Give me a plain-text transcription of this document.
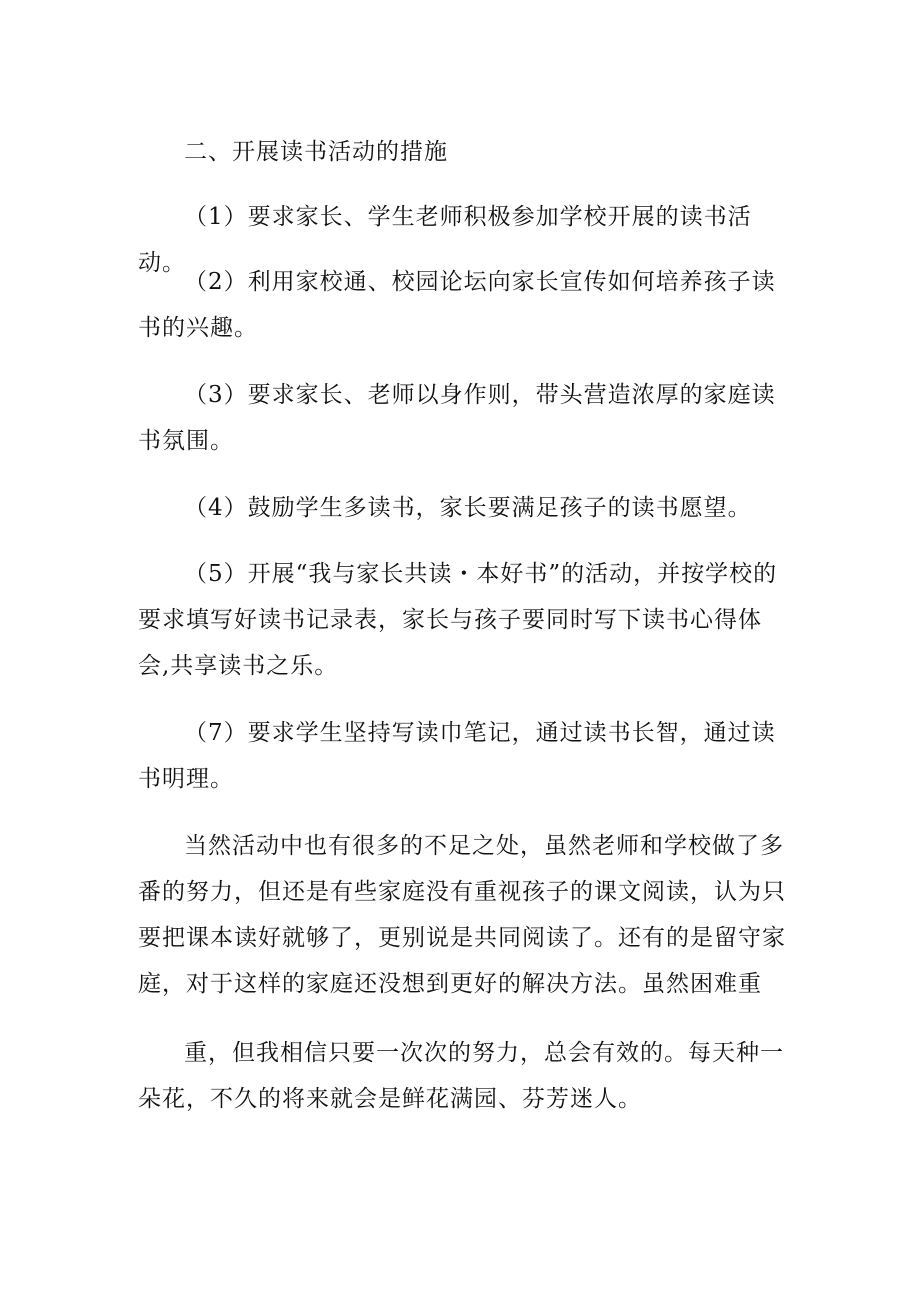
二、开展读书活动的措施

（1）要求家长、学生老师积极参加学校开展的读书活动。

（2）利用家校通、校园论坛向家长宣传如何培养孩子读书的兴趣。

（3）要求家长、老师以身作则，带头营造浓厚的家庭读书氛围。

（4）鼓励学生多读书，家长要满足孩子的读书愿望。

（5）开展“我与家长共读・本好书”的活动，并按学校的要求填写好读书记录表，家长与孩子要同时写下读书心得体会,共享读书之乐。

（7）要求学生坚持写读巾笔记，通过读书长智，通过读书明理。

当然活动中也有很多的不足之处，虽然老师和学校做了多番的努力，但还是有些家庭没有重视孩子的课文阅读，认为只要把课本读好就够了，更别说是共同阅读了。还有的是留守家庭，对于这样的家庭还没想到更好的解决方法。虽然困难重

重，但我相信只要一次次的努力，总会有效的。每天种一朵花，不久的将来就会是鲜花满园、芬芳迷人。
